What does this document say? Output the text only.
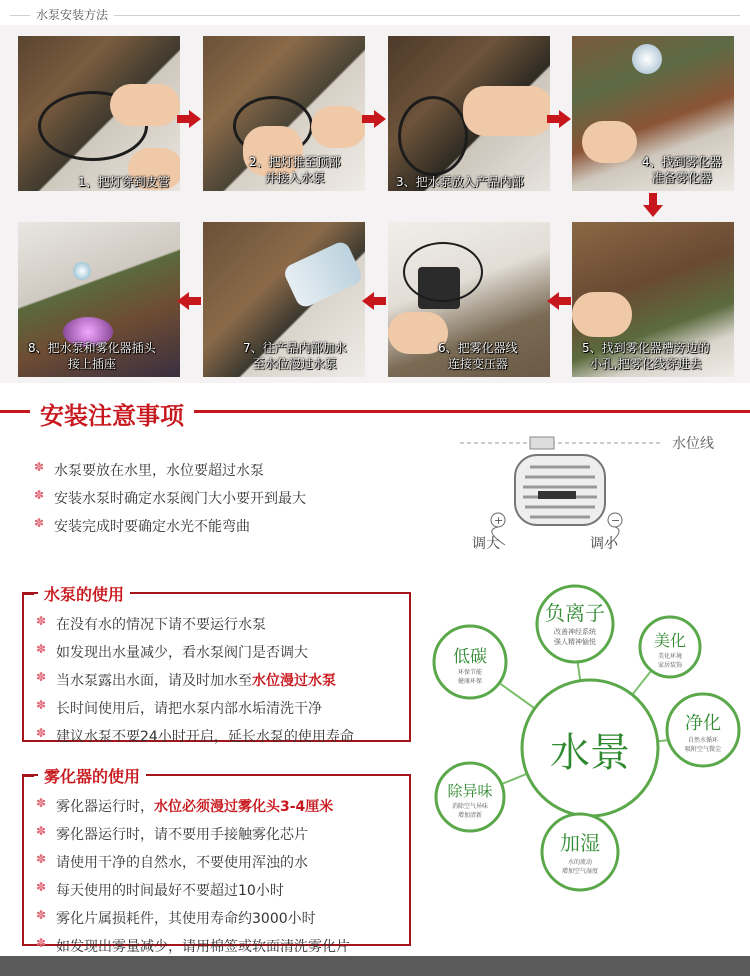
水泵安装方法
1、把灯穿到皮管
2、把灯推至顶部
并接入水泵	3、把水泵放入产品内部
4、找到雾化器
准备雾化器
8、把水泵和雾化器插头
接上插座
7、往产品内部加水
至水位漫过水泵
6、把雾化器线
连接变压器
5、找到雾化器槽旁边的
小孔,把雾化线穿进去
安装注意事项
✽ 水泵要放在水里，水位要超过水泵
✽ 安装水泵时确定水泵阀门大小要开到最大
✽ 安装完成时要确定水光不能弯曲
水位线
+	−
调大	调小
水泵的使用
✽ 在没有水的情况下请不要运行水泵
✽ 如发现出水量减少，看水泵阀门是否调大
✽ 当水泵露出水面，请及时加水至水位漫过水泵
✽ 长时间使用后，请把水泵内部水垢清洗干净
✽ 建议水泵不要24小时开启，延长水泵的使用寿命
雾化器的使用
✽ 雾化器运行时，水位必须漫过雾化头3-4厘米
✽ 雾化器运行时，请不要用手接触雾化芯片
✽ 请使用干净的自然水，不要使用浑浊的水
✽ 每天使用的时间最好不要超过10小时
✽ 雾化片属损耗件，其使用寿命约3000小时
✽ 如发现出雾量减少，请用棉签或软面清洗雾化片
水景
负离子
改善神经系统
强人精神愉悦	美化
美化环境
家居装饰
净化
自然水循环
吸附空气微尘
加湿
水的流动
增加空气湿度
除异味
消除空气异味
增加清新
低碳
环保节能
健康环保
